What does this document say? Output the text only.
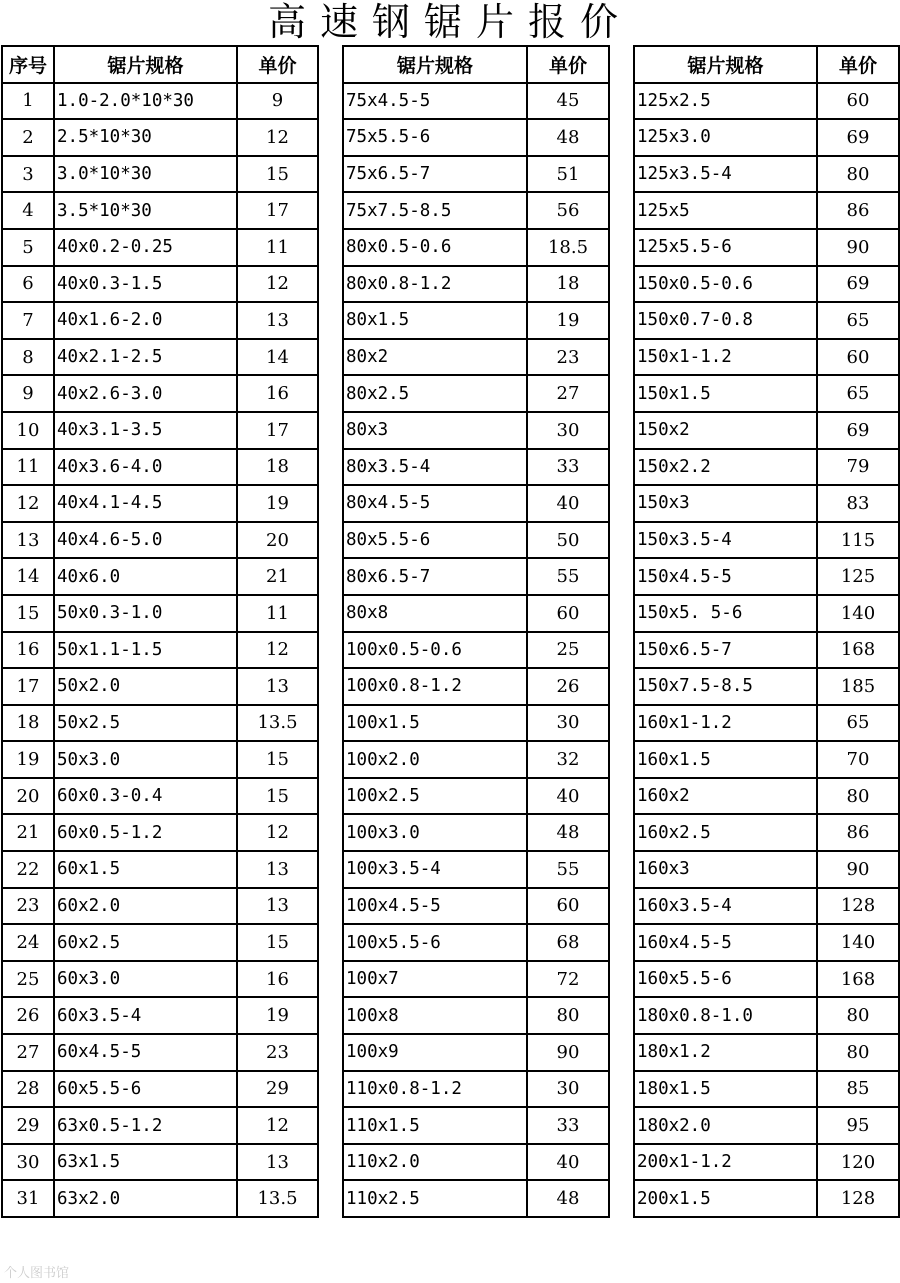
高速钢锯片报价
序号	锯片规格	单价
1	1.0-2.0*10*30	9
2	2.5*10*30	12
3	3.0*10*30	15
4	3.5*10*30	17
5	40x0.2-0.25	11
6	40x0.3-1.5	12
7	40x1.6-2.0	13
8	40x2.1-2.5	14
9	40x2.6-3.0	16
10	40x3.1-3.5	17
11	40x3.6-4.0	18
12	40x4.1-4.5	19
13	40x4.6-5.0	20
14	40x6.0	21
15	50x0.3-1.0	11
16	50x1.1-1.5	12
17	50x2.0	13
18	50x2.5	13.5
19	50x3.0	15
20	60x0.3-0.4	15
21	60x0.5-1.2	12
22	60x1.5	13
23	60x2.0	13
24	60x2.5	15
25	60x3.0	16
26	60x3.5-4	19
27	60x4.5-5	23
28	60x5.5-6	29
29	63x0.5-1.2	12
30	63x1.5	13
31	63x2.0	13.5
锯片规格	单价
75x4.5-5	45
75x5.5-6	48
75x6.5-7	51
75x7.5-8.5	56
80x0.5-0.6	18.5
80x0.8-1.2	18
80x1.5	19
80x2	23
80x2.5	27
80x3	30
80x3.5-4	33
80x4.5-5	40
80x5.5-6	50
80x6.5-7	55
80x8	60
100x0.5-0.6	25
100x0.8-1.2	26
100x1.5	30
100x2.0	32
100x2.5	40
100x3.0	48
100x3.5-4	55
100x4.5-5	60
100x5.5-6	68
100x7	72
100x8	80
100x9	90
110x0.8-1.2	30
110x1.5	33
110x2.0	40
110x2.5	48
锯片规格	单价
125x2.5	60
125x3.0	69
125x3.5-4	80
125x5	86
125x5.5-6	90
150x0.5-0.6	69
150x0.7-0.8	65
150x1-1.2	60
150x1.5	65
150x2	69
150x2.2	79
150x3	83
150x3.5-4	115
150x4.5-5	125
150x5. 5-6	140
150x6.5-7	168
150x7.5-8.5	185
160x1-1.2	65
160x1.5	70
160x2	80
160x2.5	86
160x3	90
160x3.5-4	128
160x4.5-5	140
160x5.5-6	168
180x0.8-1.0	80
180x1.2	80
180x1.5	85
180x2.0	95
200x1-1.2	120
200x1.5	128
个人图书馆
